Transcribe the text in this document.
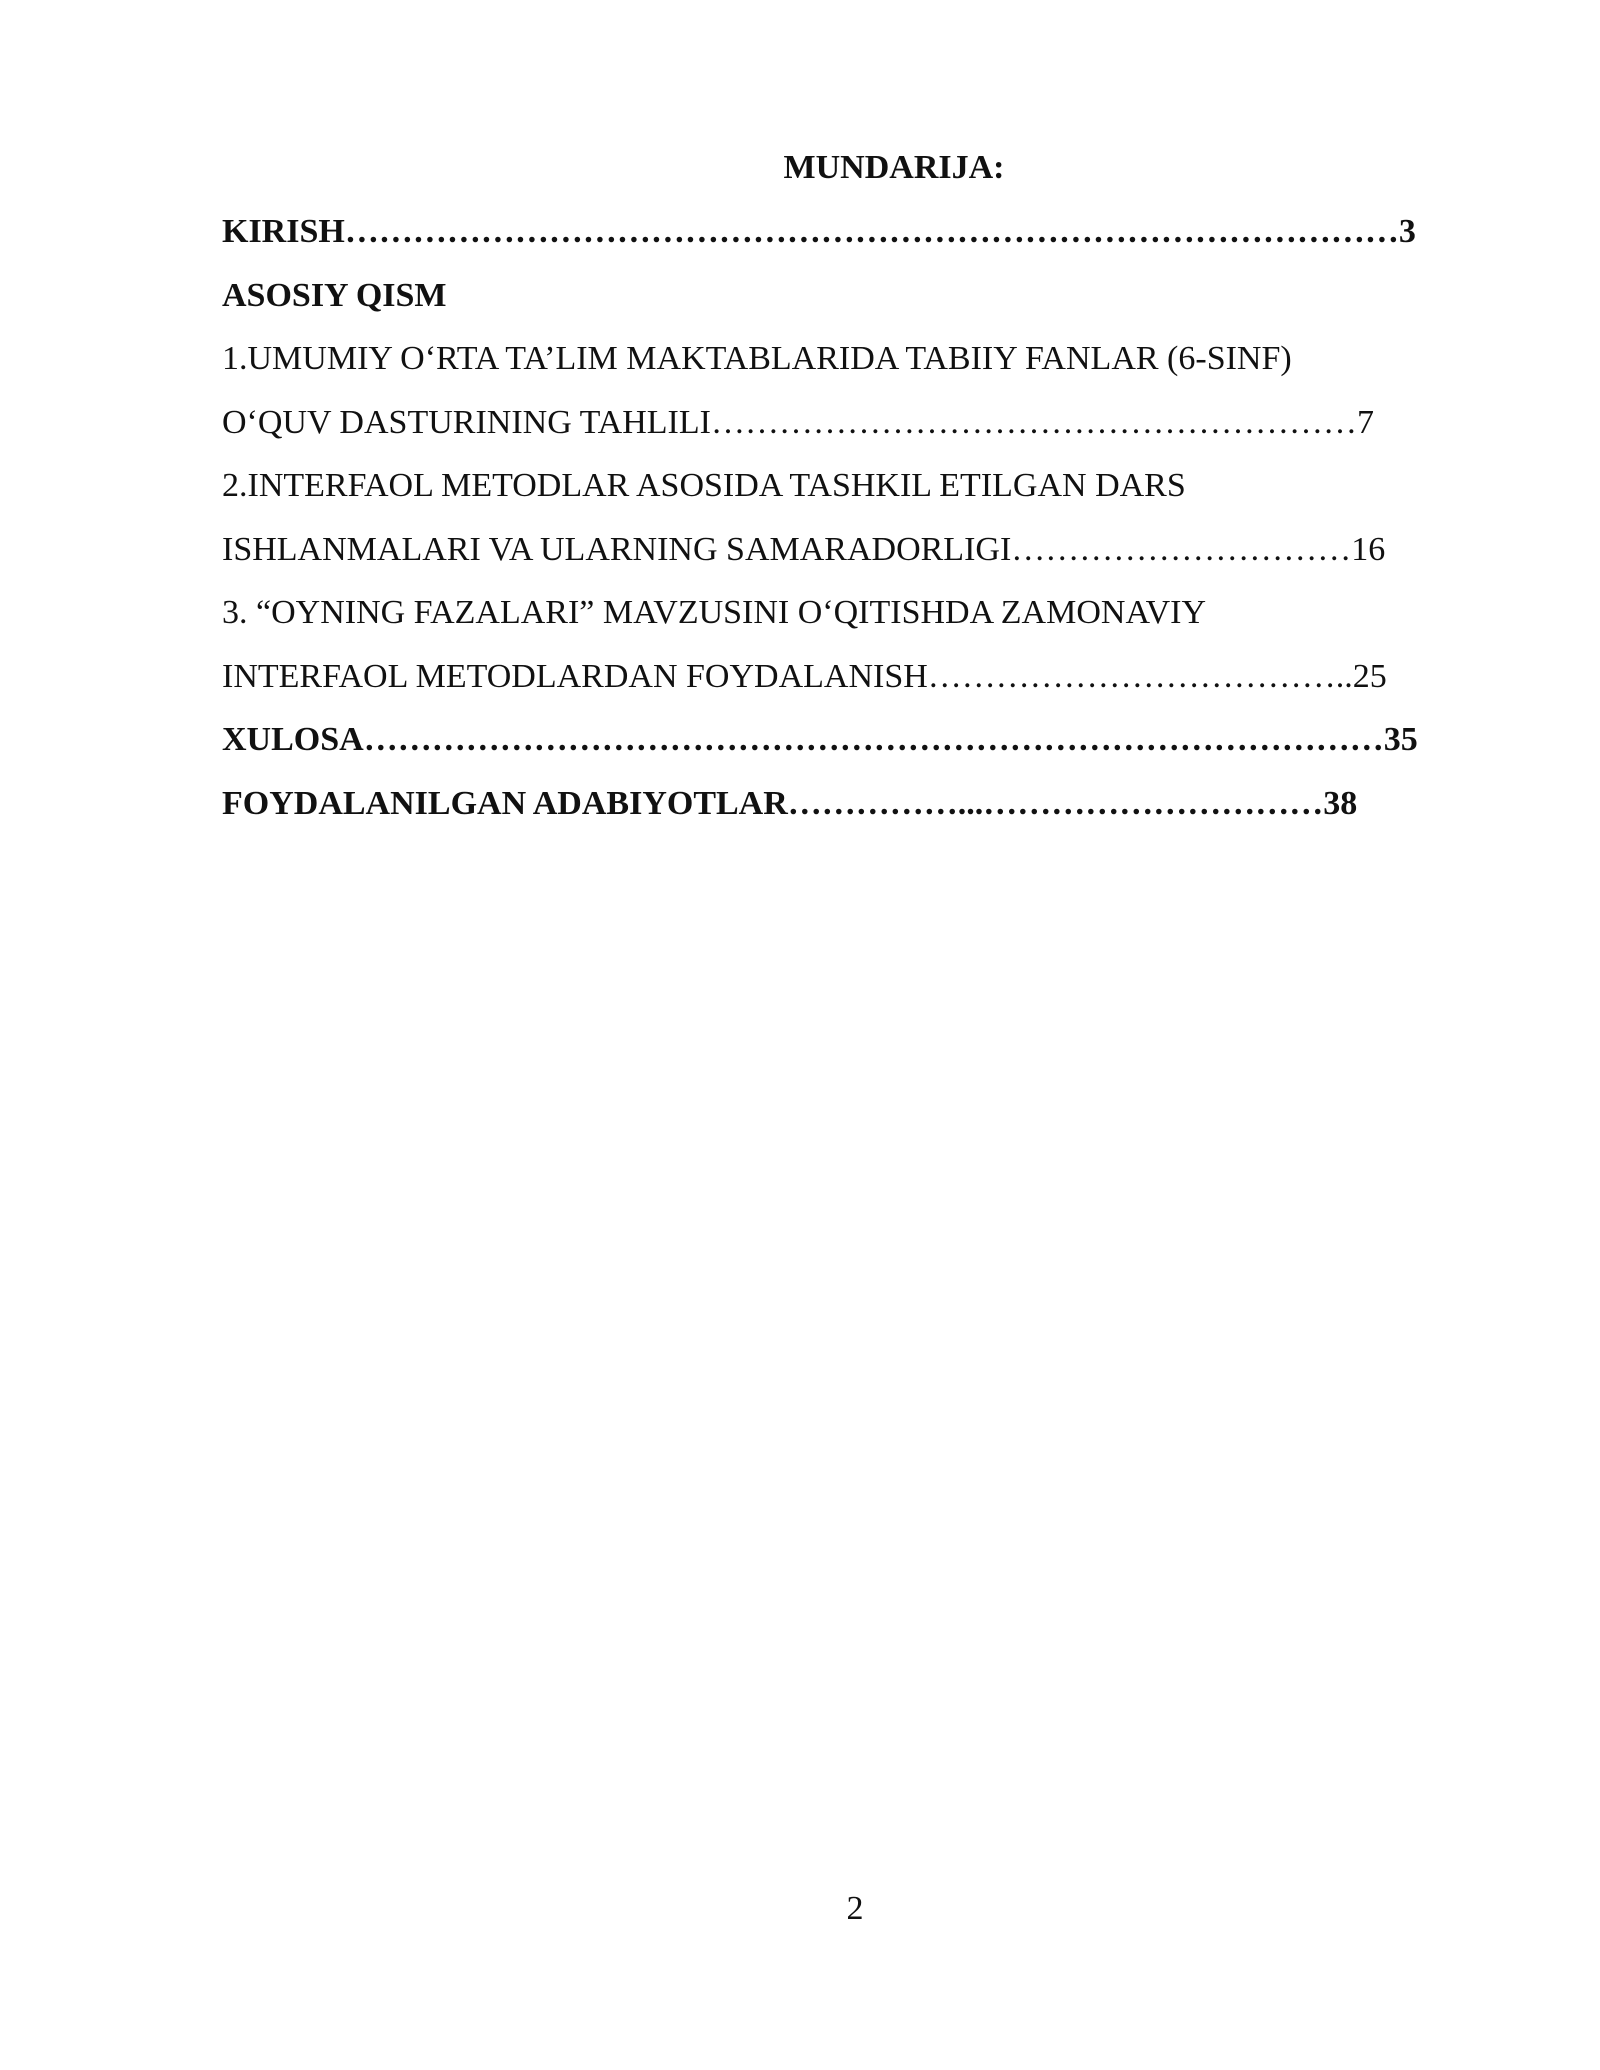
MUNDARIJA:
KIRISH…………………………………………………………………………………3
ASOSIY QISM
1.UMUMIY O‘RTA TA’LIM MAKTABLARIDA TABIIY FANLAR (6-SINF)
O‘QUV DASTURINING TAHLILI…………………………………………………7
2.INTERFAOL METODLAR ASOSIDA TASHKIL ETILGAN DARS
ISHLANMALARI VA ULARNING SAMARADORLIGI…………………………16
3. “OYNING FAZALARI” MAVZUSINI O‘QITISHDA ZAMONAVIY
INTERFAOL METODLARDAN FOYDALANISH………………………………..25
XULOSA………………………………………………………………………………35
FOYDALANILGAN ADABIYOTLAR……………...…………………………38
2
